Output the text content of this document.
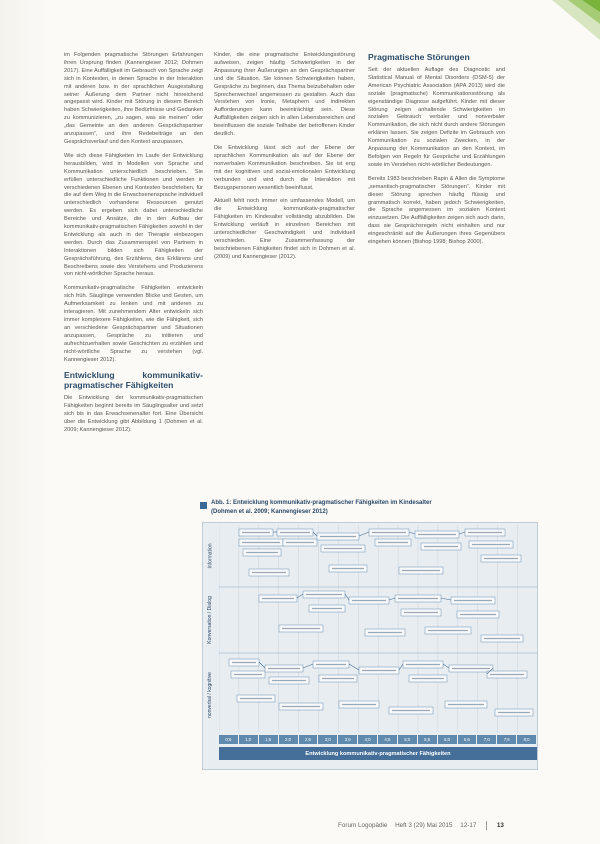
im Folgenden pragmatische Störungen Erfahrungen ihren Ursprung finden (Kannengieser 2012; Dohmen 2017). Eine Auffälligkeit im Gebrauch von Sprache zeigt sich in Kontexten, in denen Sprache in der Interaktion mit anderen bzw. in der sprachlichen Ausgestaltung seiner Äußerung dem Partner nicht hinreichend angepasst wird. Kinder mit Störung in diesem Bereich haben Schwierigkeiten, ihre Bedürfnisse und Gedanken zu kommunizieren, „zu sagen, was sie meinen“ oder „das Gemeinte an den anderen Gesprächspartner anzupassen“, und ihre Redebeiträge an den Gesprächsverlauf und den Kontext anzupassen.

Wie sich diese Fähigkeiten im Laufe der Entwicklung herausbilden, wird in Modellen von Sprache und Kommunikation unterschiedlich beschrieben. Sie erfüllen unterschiedliche Funktionen und werden in verschiedenen Ebenen und Kontexten beschrieben, für die auf dem Weg in die Erwachsenensprache individuell unterschiedlich vorhandene Ressourcen genutzt werden. Es ergeben sich dabei unterschiedliche Bereiche und Ansätze, die in den Aufbau der kommunikativ-pragmatischen Fähigkeiten sowohl in der Entwicklung als auch in der Therapie einbezogen werden. Durch das Zusammenspiel von Partnern in Interaktionen bilden sich Fähigkeiten der Gesprächsführung, des Erzählens, des Erklärens und Beschreibens sowie des Verstehens und Produzierens von nicht-wörtlicher Sprache heraus.

Kommunikativ-pragmatische Fähigkeiten entwickeln sich früh. Säuglinge verwenden Blicke und Gesten, um Aufmerksamkeit zu lenken und mit anderen zu interagieren. Mit zunehmendem Alter entwickeln sich immer komplexere Fähigkeiten, wie die Fähigkeit, sich an verschiedene Gesprächspartner und Situationen anzupassen, Gespräche zu initiieren und aufrechtzuerhalten sowie Geschichten zu erzählen und nicht-wörtliche Sprache zu verstehen (vgl. Kannengieser 2012).

Entwicklung kommunikativ-pragmatischer Fähigkeiten

Die Entwicklung der kommunikativ-pragmatischen Fähigkeiten beginnt bereits im Säuglingsalter und setzt sich bis in das Erwachsenenalter fort. Eine Übersicht über die Entwicklung gibt Abbildung 1 (Dohmen et al. 2009; Kannengieser 2012).

Kinder, die eine pragmatische Entwicklungsstörung aufweisen, zeigen häufig Schwierigkeiten in der Anpassung ihrer Äußerungen an den Gesprächspartner und die Situation. Sie können Schwierigkeiten haben, Gespräche zu beginnen, das Thema beizubehalten oder Sprecherwechsel angemessen zu gestalten. Auch das Verstehen von Ironie, Metaphern und indirekten Aufforderungen kann beeinträchtigt sein. Diese Auffälligkeiten zeigen sich in allen Lebensbereichen und beeinflussen die soziale Teilhabe der betroffenen Kinder deutlich.

Die Entwicklung lässt sich auf der Ebene der sprachlichen Kommunikation als auf der Ebene der nonverbalen Kommunikation beschreiben. Sie ist eng mit der kognitiven und sozial-emotionalen Entwicklung verbunden und wird durch die Interaktion mit Bezugspersonen wesentlich beeinflusst.

Aktuell fehlt noch immer ein umfassendes Modell, um die Entwicklung kommunikativ-pragmatischer Fähigkeiten im Kindesalter vollständig abzubilden. Die Entwicklung verläuft in einzelnen Bereichen mit unterschiedlicher Geschwindigkeit und individuell verschieden. Eine Zusammenfassung der beschriebenen Fähigkeiten findet sich in Dohmen et al. (2009) und Kannengieser (2012).

Pragmatische Störungen

Seit der aktuellen Auflage des Diagnostic and Statistical Manual of Mental Disorders (DSM-5) der American Psychiatric Association (APA 2013) wird die soziale (pragmatische) Kommunikationsstörung als eigenständige Diagnose aufgeführt. Kinder mit dieser Störung zeigen anhaltende Schwierigkeiten im sozialen Gebrauch verbaler und nonverbaler Kommunikation, die sich nicht durch andere Störungen erklären lassen. Sie zeigen Defizite im Gebrauch von Kommunikation zu sozialen Zwecken, in der Anpassung der Kommunikation an den Kontext, im Befolgen von Regeln für Gespräche und Erzählungen sowie im Verstehen nicht-wörtlicher Bedeutungen.

Bereits 1983 beschrieben Rapin & Allen die Symptome „semantisch-pragmatischer Störungen“. Kinder mit dieser Störung sprechen häufig flüssig und grammatisch korrekt, haben jedoch Schwierigkeiten, die Sprache angemessen im sozialen Kontext einzusetzen. Die Auffälligkeiten zeigen sich auch darin, dass sie Gesprächsregeln nicht einhalten und nur eingeschränkt auf die Äußerungen ihres Gegenübers eingehen können (Bishop 1998; Bishop 2000).

Abb. 1: Entwicklung kommunikativ-pragmatischer Fähigkeiten im Kindesalter
(Dohmen et al. 2009; Kannengieser 2012)
Information
Konversation / Dialog
nonverbal / kognitive
0;6	1;0	1;6	2;0	2;6	3;0	3;6	4;0	4;6	5;0	5;6	6;0	6;6	7;0	7;6	8;0
Entwicklung kommunikativ-pragmatischer Fähigkeiten
Forum Logopädie Heft 3 (29) Mai 2015 12-17	13
